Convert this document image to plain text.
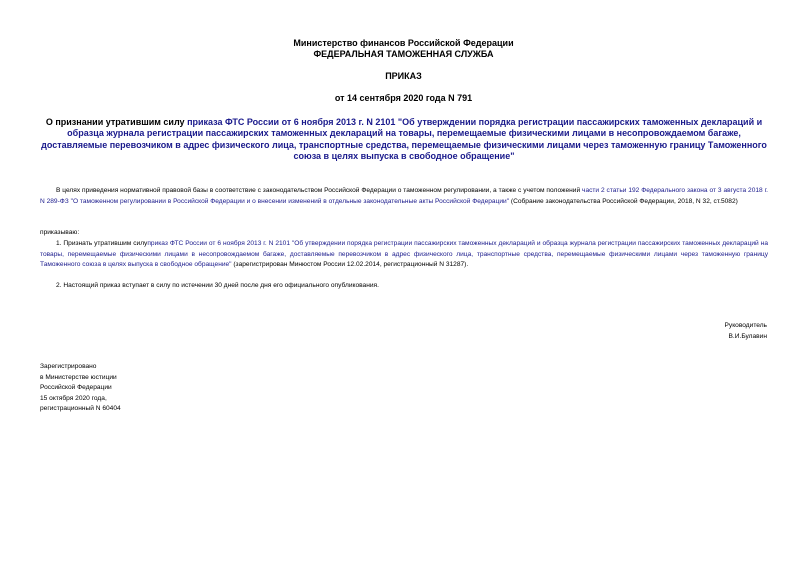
Министерство финансов Российской Федерации
ФЕДЕРАЛЬНАЯ ТАМОЖЕННАЯ СЛУЖБА
ПРИКАЗ
от 14 сентября 2020 года N 791
О признании утратившим силу приказа ФТС России от 6 ноября 2013 г. N 2101 "Об утверждении порядка регистрации пассажирских таможенных деклараций и образца журнала регистрации пассажирских таможенных деклараций на товары, перемещаемые физическими лицами в несопровождаемом багаже, доставляемые перевозчиком в адрес физического лица, транспортные средства, перемещаемые физическими лицами через таможенную границу Таможенного союза в целях выпуска в свободное обращение"
В целях приведения нормативной правовой базы в соответствие с законодательством Российской Федерации о таможенном регулировании, а также с учетом положений части 2 статьи 192 Федерального закона от 3 августа 2018 г. N 289-ФЗ "О таможенном регулировании в Российской Федерации и о внесении изменений в отдельные законодательные акты Российской Федерации" (Собрание законодательства Российской Федерации, 2018, N 32, ст.5082)
приказываю:
1. Признать утратившим силуприказ ФТС России от 6 ноября 2013 г. N 2101 "Об утверждении порядка регистрации пассажирских таможенных деклараций и образца журнала регистрации пассажирских таможенных деклараций на товары, перемещаемые физическими лицами в несопровождаемом багаже, доставляемые перевозчиком в адрес физического лица, транспортные средства, перемещаемые физическими лицами через таможенную границу Таможенного союза в целях выпуска в свободное обращение" (зарегистрирован Минюстом России 12.02.2014, регистрационный N 31287).
2. Настоящий приказ вступает в силу по истечении 30 дней после дня его официального опубликования.
Руководитель
В.И.Булавин
Зарегистрировано
в Министерстве юстиции
Российской Федерации
15 октября 2020 года,
регистрационный N 60404
